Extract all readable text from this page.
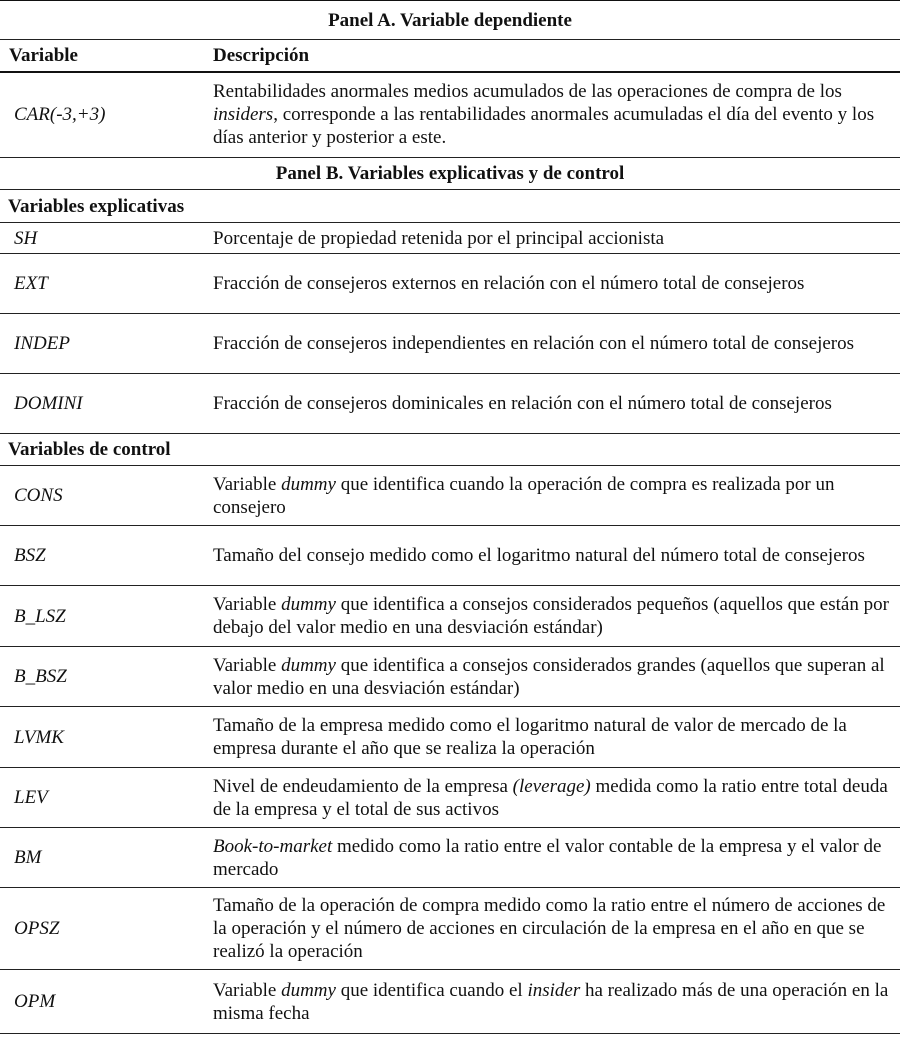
Panel A. Variable dependiente	
Variable	Descripción
CAR(-3,+3)	Rentabilidades anormales medios acumulados de las operaciones de compra de los insiders, corresponde a las rentabilidades anormales acumuladas el día del evento y los días anterior y posterior a este.
Panel B. Variables explicativas y de control	
Variables explicativas	
SH	Porcentaje de propiedad retenida por el principal accionista
EXT	Fracción de consejeros externos en relación con el número total de consejeros
INDEP	Fracción de consejeros independientes en relación con el número total de consejeros
DOMINI	Fracción de consejeros dominicales en relación con el número total de consejeros
Variables de control	
CONS	Variable dummy que identifica cuando la operación de compra es realizada por un consejero
BSZ	Tamaño del consejo medido como el logaritmo natural del número total de consejeros
B_LSZ	Variable dummy que identifica a consejos considerados pequeños (aquellos que están por debajo del valor medio en una desviación estándar)
B_BSZ	Variable dummy que identifica a consejos considerados grandes (aquellos que superan al valor medio en una desviación estándar)
LVMK	Tamaño de la empresa medido como el logaritmo natural de valor de mercado de la empresa durante el año que se realiza la operación
LEV	Nivel de endeudamiento de la empresa (leverage) medida como la ratio entre total deuda de la empresa y el total de sus activos
BM	Book-to-market medido como la ratio entre el valor contable de la empresa y el valor de mercado
OPSZ	Tamaño de la operación de compra medido como la ratio entre el número de acciones de la operación y el número de acciones en circulación de la empresa en el año en que se realizó la operación
OPM	Variable dummy que identifica cuando el insider ha realizado más de una operación en la misma fecha
